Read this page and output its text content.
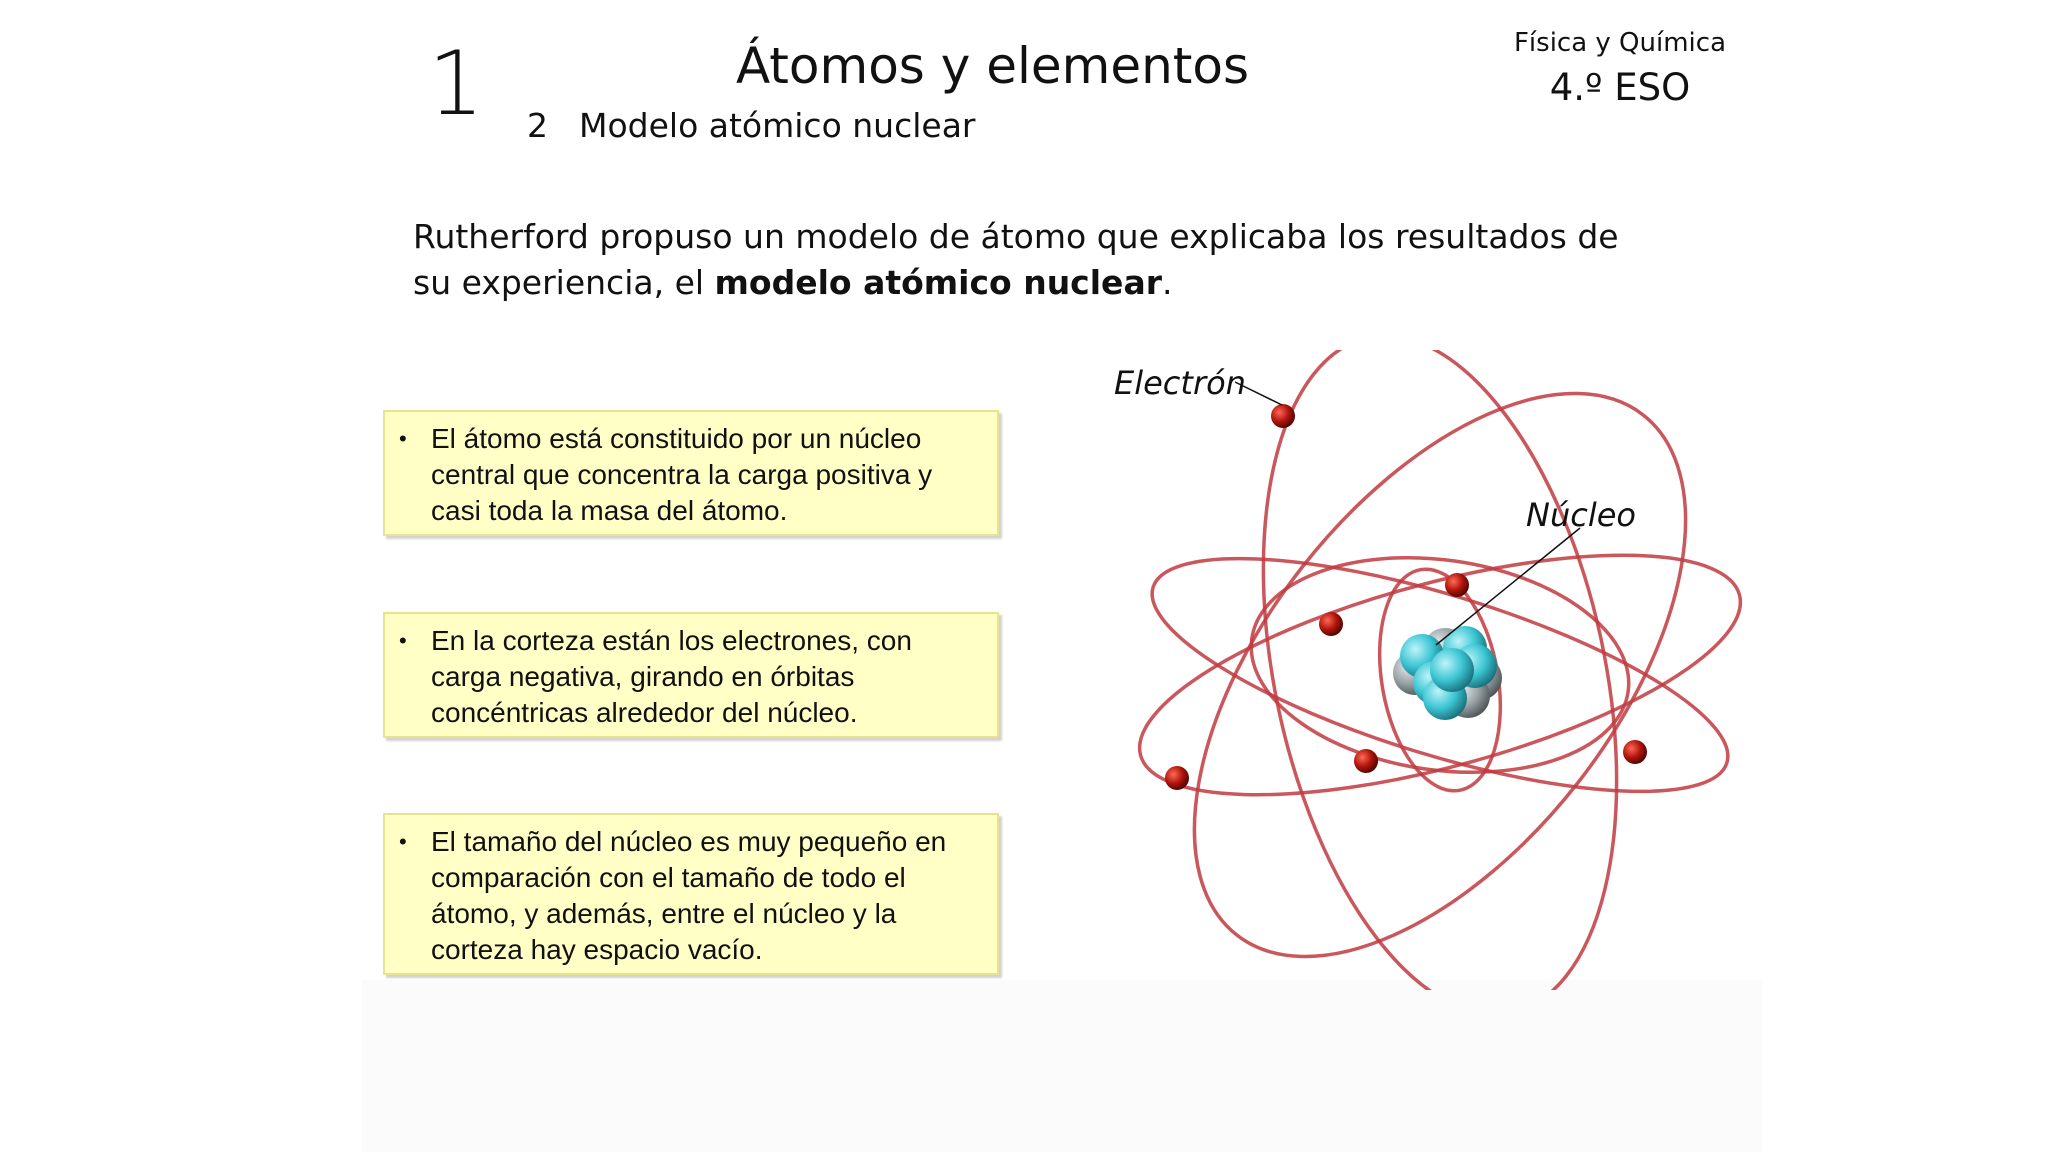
1	Átomos y elementos
2 Modelo atómico nuclear
Física y Química
4.º ESO
Rutherford propuso un modelo de átomo que explicaba los resultados de su experiencia, el modelo atómico nuclear.
• El átomo está constituido por un núcleo central que concentra la carga positiva y casi toda la masa del átomo.
• En la corteza están los electrones, con carga negativa, girando en órbitas concéntricas alrededor del núcleo.
• El tamaño del núcleo es muy pequeño en comparación con el tamaño de todo el átomo, y además, entre el núcleo y la corteza hay espacio vacío.
Electrón
Núcleo
